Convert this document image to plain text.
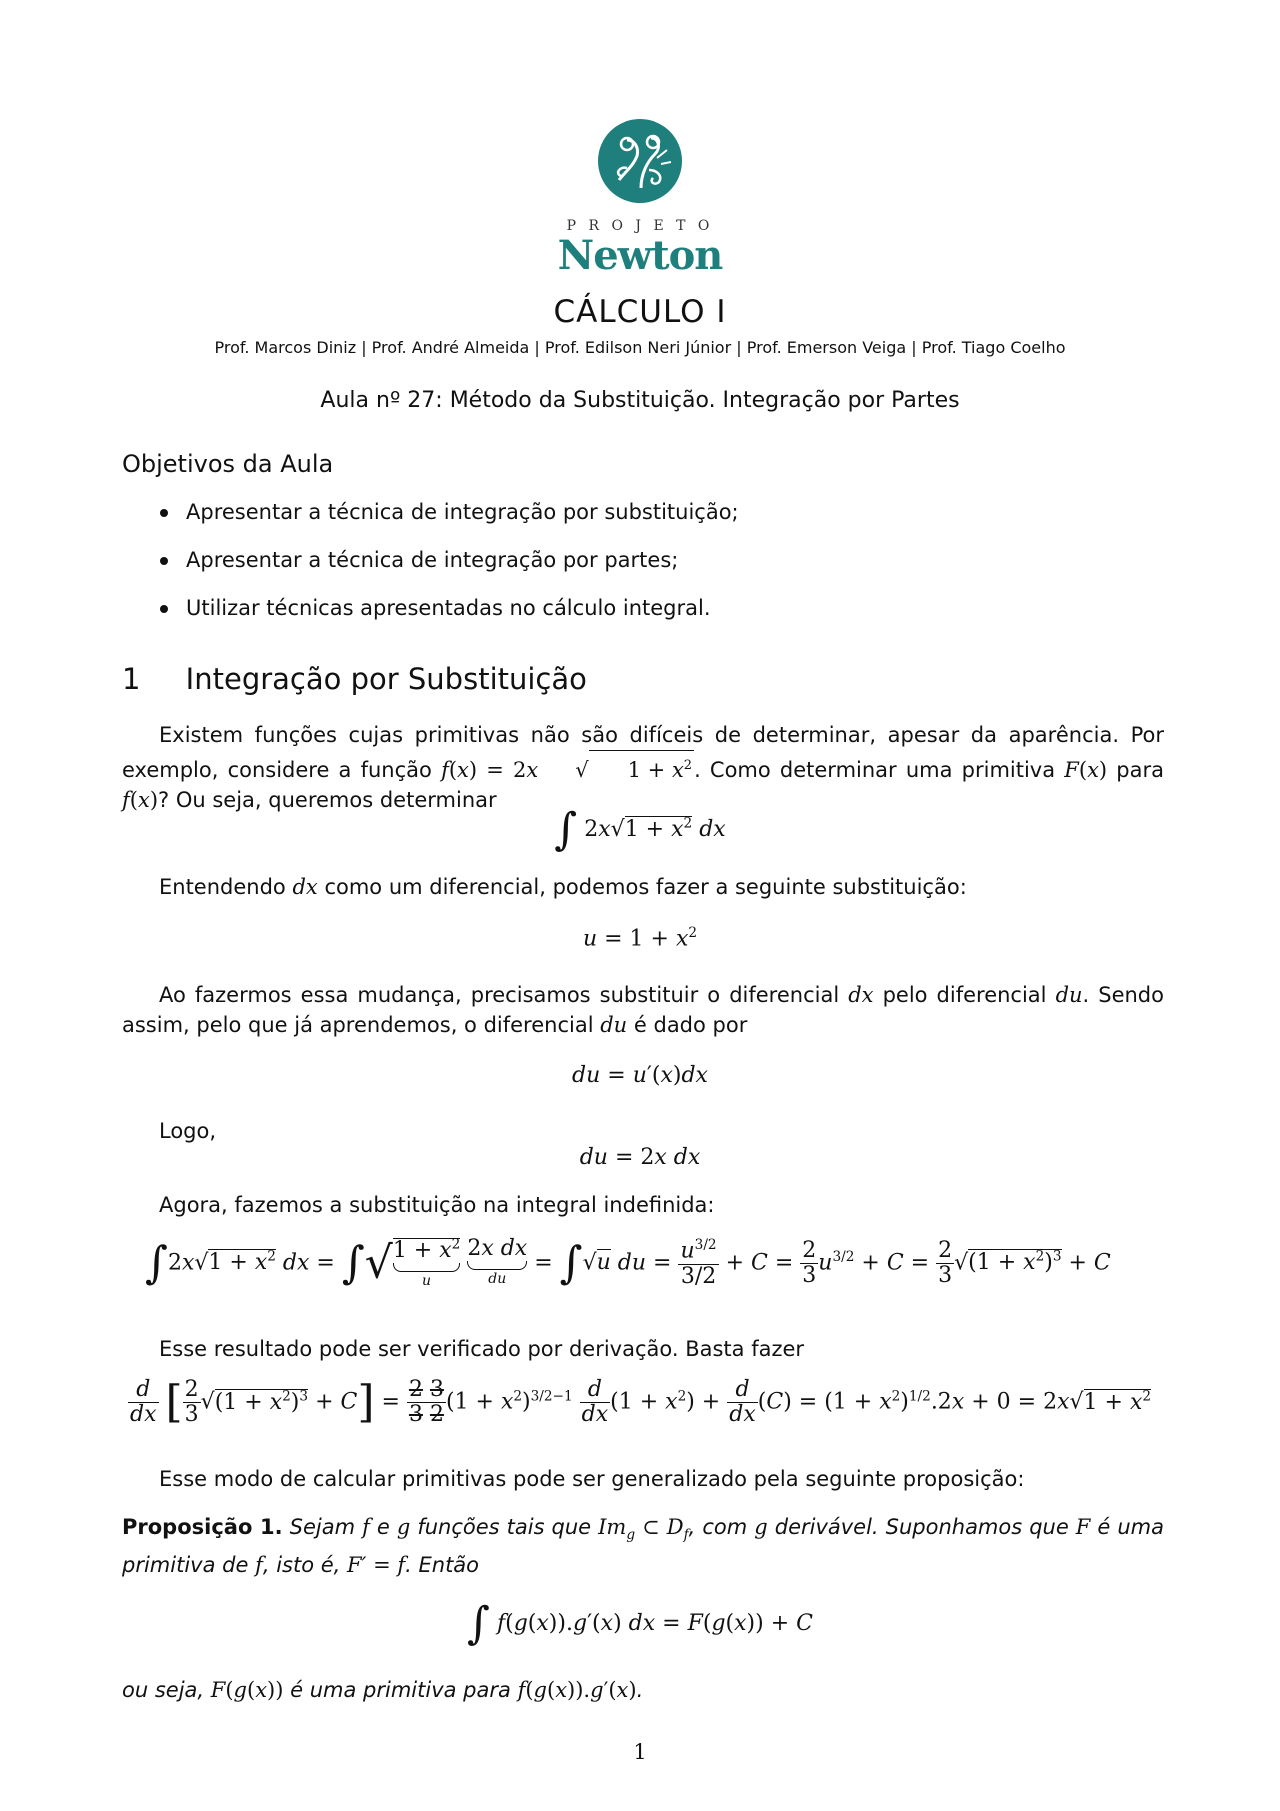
P R O J E T O
Newton
CÁLCULO I
Prof. Marcos Diniz | Prof. André Almeida | Prof. Edilson Neri Júnior | Prof. Emerson Veiga | Prof. Tiago Coelho
Aula nº 27: Método da Substituição. Integração por Partes
Objetivos da Aula
Apresentar a técnica de integração por substituição;
Apresentar a técnica de integração por partes;
Utilizar técnicas apresentadas no cálculo integral.
1 Integração por Substituição
Existem funções cujas primitivas não são difíceis de determinar, apesar da aparência. Por exemplo, considere a função f(x) = 2x √ $1 + x^2$. Como determinar uma primitiva F(x) para f(x)? Ou seja, queremos determinar
∫ $2x√1 + x^2$ dx
Entendendo dx como um diferencial, podemos fazer a seguinte substituição:
$u = 1 + x^2$
Ao fazermos essa mudança, precisamos substituir o diferencial dx pelo diferencial du. Sendo assim, pelo que já aprendemos, o diferencial du é dado por
du = u′(x)dx
Logo,
du = 2x dx
Agora, fazemos a substituição na integral indefinida:
$\int 2x√1 + x^2$ dx = $\int√1 + x^2$
u
2x dx
du
= ∫√u du = $\frac{u^{3/2}}{3/2} + C = \frac{2}{3} u^{3/2} + C = \frac{2}{3} √(1 + x^2)^3 + C$
Esse resultado pode ser verificado por derivação. Basta fazer
$\frac{d}{dx}$ [ $\frac{2}{3} √(1 + x^2)^3 + C] = \frac{2 3}{3 2} (1 + x^2)^{3/2-1} \frac{d}{dx} (1 + x^2) + \frac{d}{dx} (C) = (1 + x^2)^{1/2}.2x + 0 = 2x√1 + x^2$
Esse modo de calcular primitivas pode ser generalizado pela seguinte proposição:
Proposição 1. Sejam f e g funções tais que $Im_g$ ⊂ $D_f$, com g derivável. Suponhamos que F é uma primitiva de f, isto é, F′ = f. Então
∫ f(g(x)).g′(x) dx = F(g(x)) + C
ou seja, F(g(x)) é uma primitiva para f(g(x)).g′(x).
1
